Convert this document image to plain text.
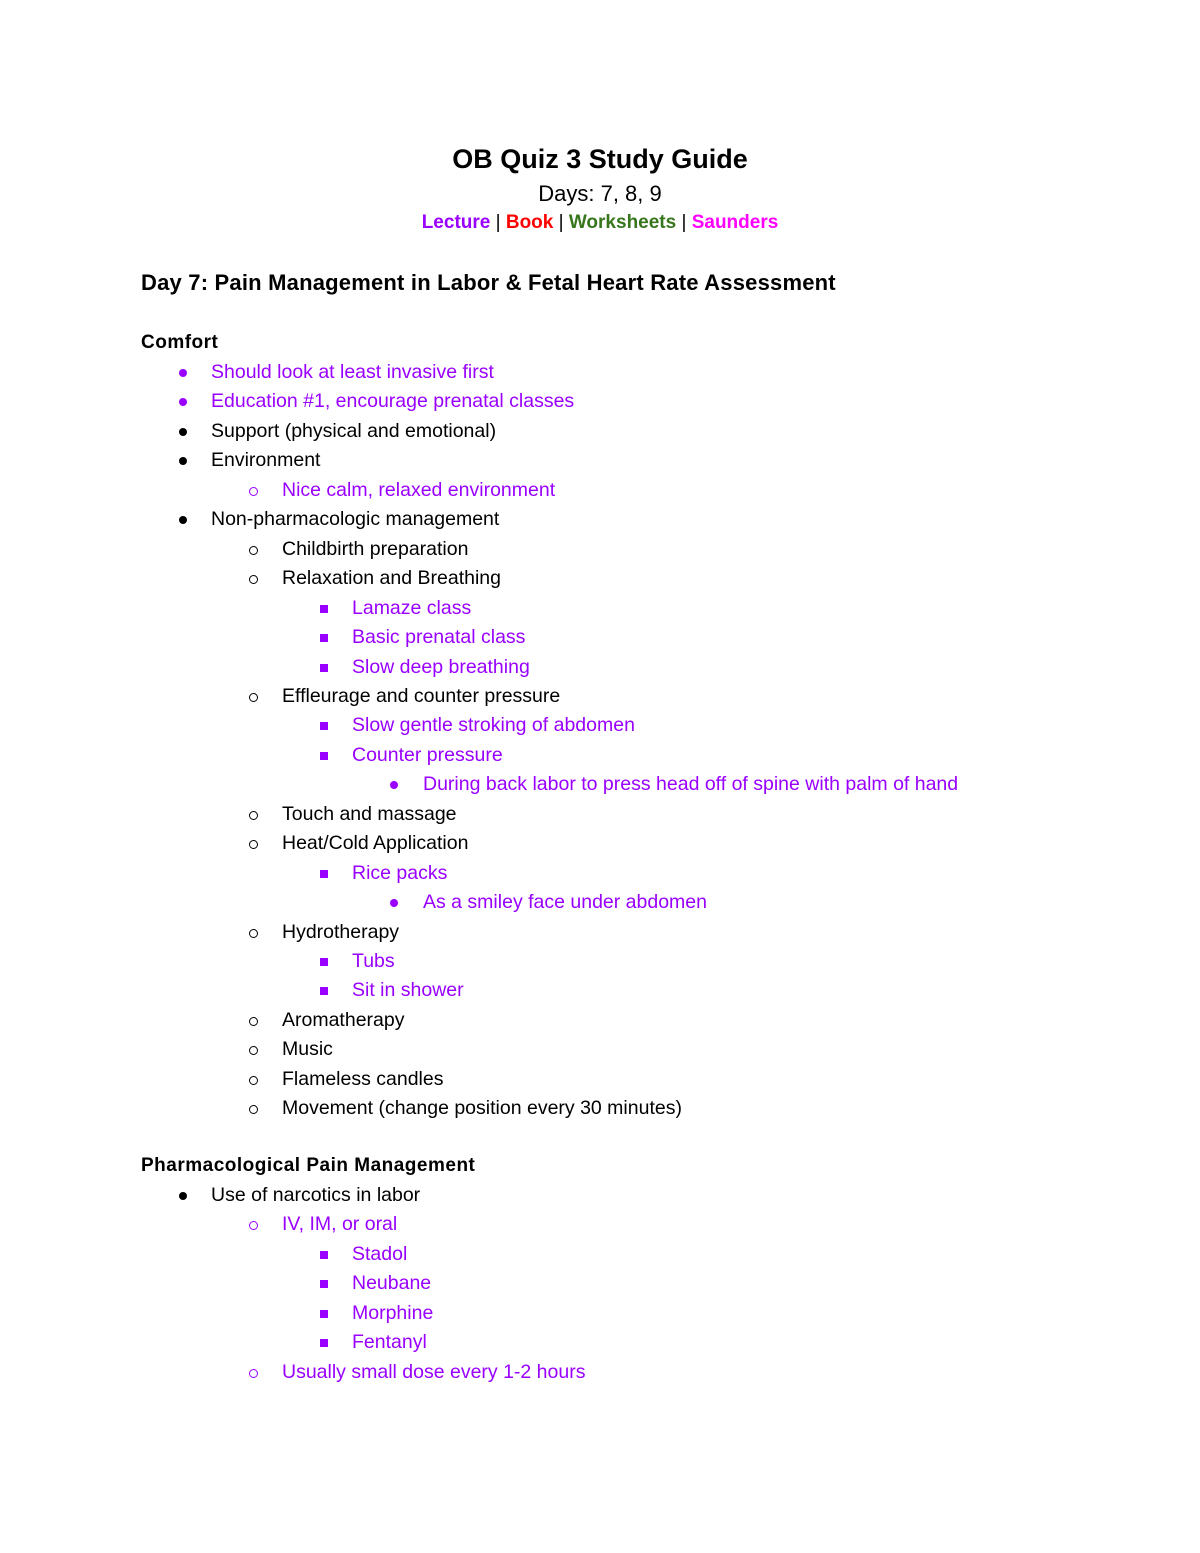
OB Quiz 3 Study Guide
Days: 7, 8, 9
Lecture | Book | Worksheets | Saunders
Day 7: Pain Management in Labor & Fetal Heart Rate Assessment
Comfort
Should look at least invasive first
Education #1, encourage prenatal classes
Support (physical and emotional)
Environment
Nice calm, relaxed environment
Non-pharmacologic management
Childbirth preparation
Relaxation and Breathing
Lamaze class
Basic prenatal class
Slow deep breathing
Effleurage and counter pressure
Slow gentle stroking of abdomen
Counter pressure
During back labor to press head off of spine with palm of hand
Touch and massage
Heat/Cold Application
Rice packs
As a smiley face under abdomen
Hydrotherapy
Tubs
Sit in shower
Aromatherapy
Music
Flameless candles
Movement (change position every 30 minutes)
Pharmacological Pain Management
Use of narcotics in labor
IV, IM, or oral
Stadol
Neubane
Morphine
Fentanyl
Usually small dose every 1-2 hours
